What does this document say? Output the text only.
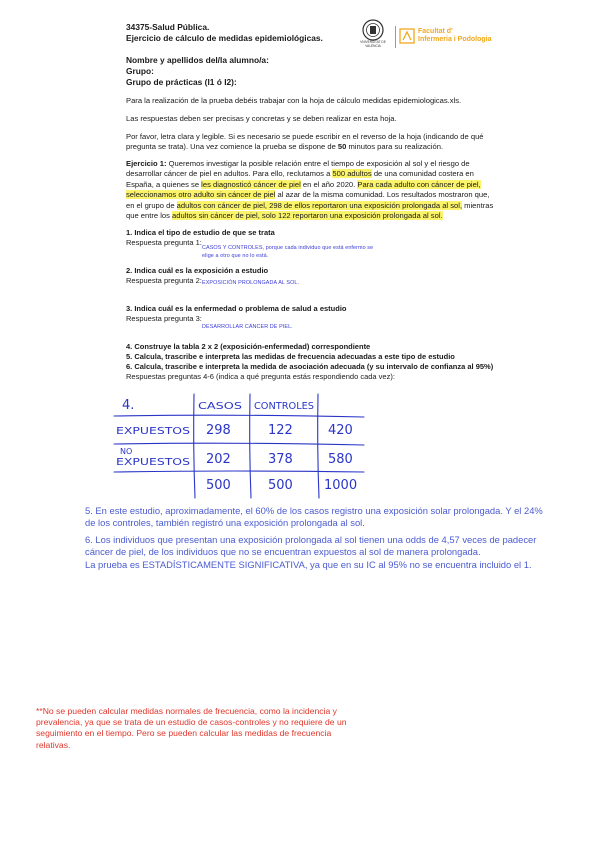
34375-Salud Pública.
Ejercicio de cálculo de medidas epidemiológicas.
Nombre y apellidos del/la alumno/a:
Grupo:
Grupo de prácticas (I1 ó I2):
VNIVERSITAT DE VALÈNCIA
Facultat d'
Infermeria i Podologia
Para la realización de la prueba debéis trabajar con la hoja de cálculo medidas epidemiologicas.xls.
Las respuestas deben ser precisas y concretas y se deben realizar en esta hoja.
Por favor, letra clara y legible. Si es necesario se puede escribir en el reverso de la hoja (indicando de qué pregunta se trata). Una vez comience la prueba se dispone de 50 minutos para su realización.
Ejercicio 1: Queremos investigar la posible relación entre el tiempo de exposición al sol y el riesgo de desarrollar cáncer de piel en adultos. Para ello, reclutamos a 500 adultos de una comunidad costera en España, a quienes se les diagnosticó cáncer de piel en el año 2020. Para cada adulto con cáncer de piel, seleccionamos otro adulto sin cáncer de piel al azar de la misma comunidad. Los resultados mostraron que, en el grupo de adultos con cáncer de piel, 298 de ellos reportaron una exposición prolongada al sol, mientras que entre los adultos sin cáncer de piel, solo 122 reportaron una exposición prolongada al sol.
1. Indica el tipo de estudio de que se trata
Respuesta pregunta 1:
CASOS Y CONTROLES, porque cada individuo que está enfermo se
elige a otro que no lo está.
2. Indica cuál es la exposición a estudio
Respuesta pregunta 2: EXPOSICIÓN PROLONGADA AL SOL.
3. Indica cuál es la enfermedad o problema de salud a estudio
Respuesta pregunta 3:
DESARROLLAR CÁNCER DE PIEL.
4. Construye la tabla 2 x 2 (exposición-enfermedad) correspondiente
5. Calcula, trascribe e interpreta las medidas de frecuencia adecuadas a este tipo de estudio
6. Calcula, trascribe e interpreta la medida de asociación adecuada (y su intervalo de confianza al 95%)
Respuestas preguntas 4-6 (indica a qué pregunta estás respondiendo cada vez):
4.	CASOS CONTROLES
EXPUESTOS
NO
EXPUESTOS
298	122	420
202	378	580
500	500 1000
5. En este estudio, aproximadamente, el 60% de los casos registro una exposición solar prolongada. Y el 24% de los controles, también registró una exposición prolongada al sol.
6. Los individuos que presentan una exposición prolongada al sol tienen una odds de 4,57 veces de padecer cáncer de piel, de los individuos que no se encuentran expuestos al sol de manera prolongada.
La prueba es ESTADÍSTICAMENTE SIGNIFICATIVA, ya que en su IC al 95% no se encuentra incluido el 1.
**No se pueden calcular medidas normales de frecuencia, como la incidencia y prevalencia, ya que se trata de un estudio de casos-controles y no requiere de un seguimiento en el tiempo. Pero se pueden calcular las medidas de frecuencia relativas.
